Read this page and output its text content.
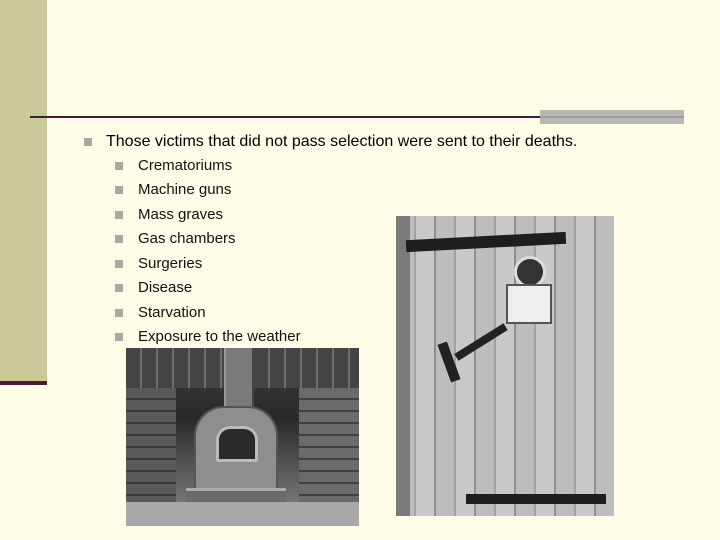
Those victims that did not pass selection were sent to their deaths.
Crematoriums
Machine guns
Mass graves
Gas chambers
Surgeries
Disease
Starvation
Exposure to the weather
